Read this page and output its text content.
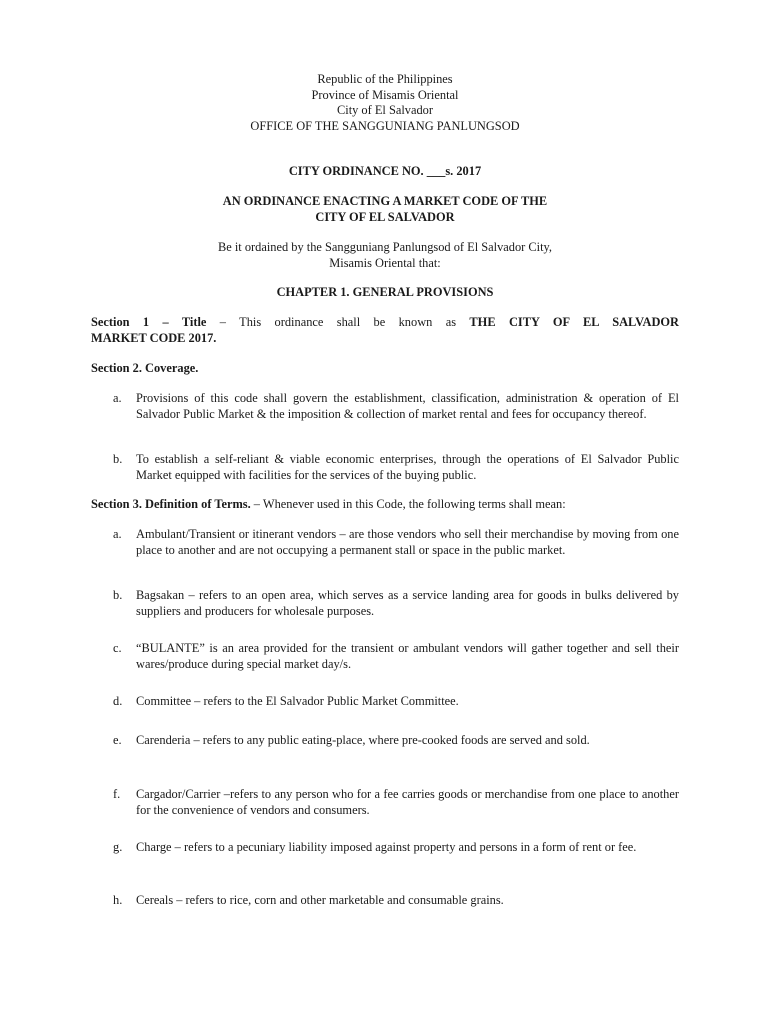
Republic of the Philippines
Province of Misamis Oriental
City of El Salvador
OFFICE OF THE SANGGUNIANG PANLUNGSOD
CITY ORDINANCE NO. ___s. 2017
AN ORDINANCE ENACTING A MARKET CODE OF THE
CITY OF EL SALVADOR
Be it ordained by the Sangguniang Panlungsod of El Salvador City,
Misamis Oriental that:
CHAPTER 1. GENERAL PROVISIONS
Section 1 – Title – This ordinance shall be known as THE CITY OF EL SALVADOR
MARKET CODE 2017.
Section 2. Coverage.
a.	Provisions of this code shall govern the establishment, classification, administration & operation of El Salvador Public Market & the imposition & collection of market rental and fees for occupancy thereof.
b.	To establish a self-reliant & viable economic enterprises, through the operations of El Salvador Public Market equipped with facilities for the services of the buying public.
Section 3. Definition of Terms. – Whenever used in this Code, the following terms shall mean:
a.	Ambulant/Transient or itinerant vendors – are those vendors who sell their merchandise by moving from one place to another and are not occupying a permanent stall or space in the public market.
b.	Bagsakan – refers to an open area, which serves as a service landing area for goods in bulks delivered by suppliers and producers for wholesale purposes.
c.	“BULANTE” is an area provided for the transient or ambulant vendors will gather together and sell their wares/produce during special market day/s.
d.	Committee – refers to the El Salvador Public Market Committee.
e.	Carenderia – refers to any public eating-place, where pre-cooked foods are served and sold.
f.	Cargador/Carrier –refers to any person who for a fee carries goods or merchandise from one place to another for the convenience of vendors and consumers.
g.	Charge – refers to a pecuniary liability imposed against property and persons in a form of rent or fee.
h.	Cereals – refers to rice, corn and other marketable and consumable grains.
